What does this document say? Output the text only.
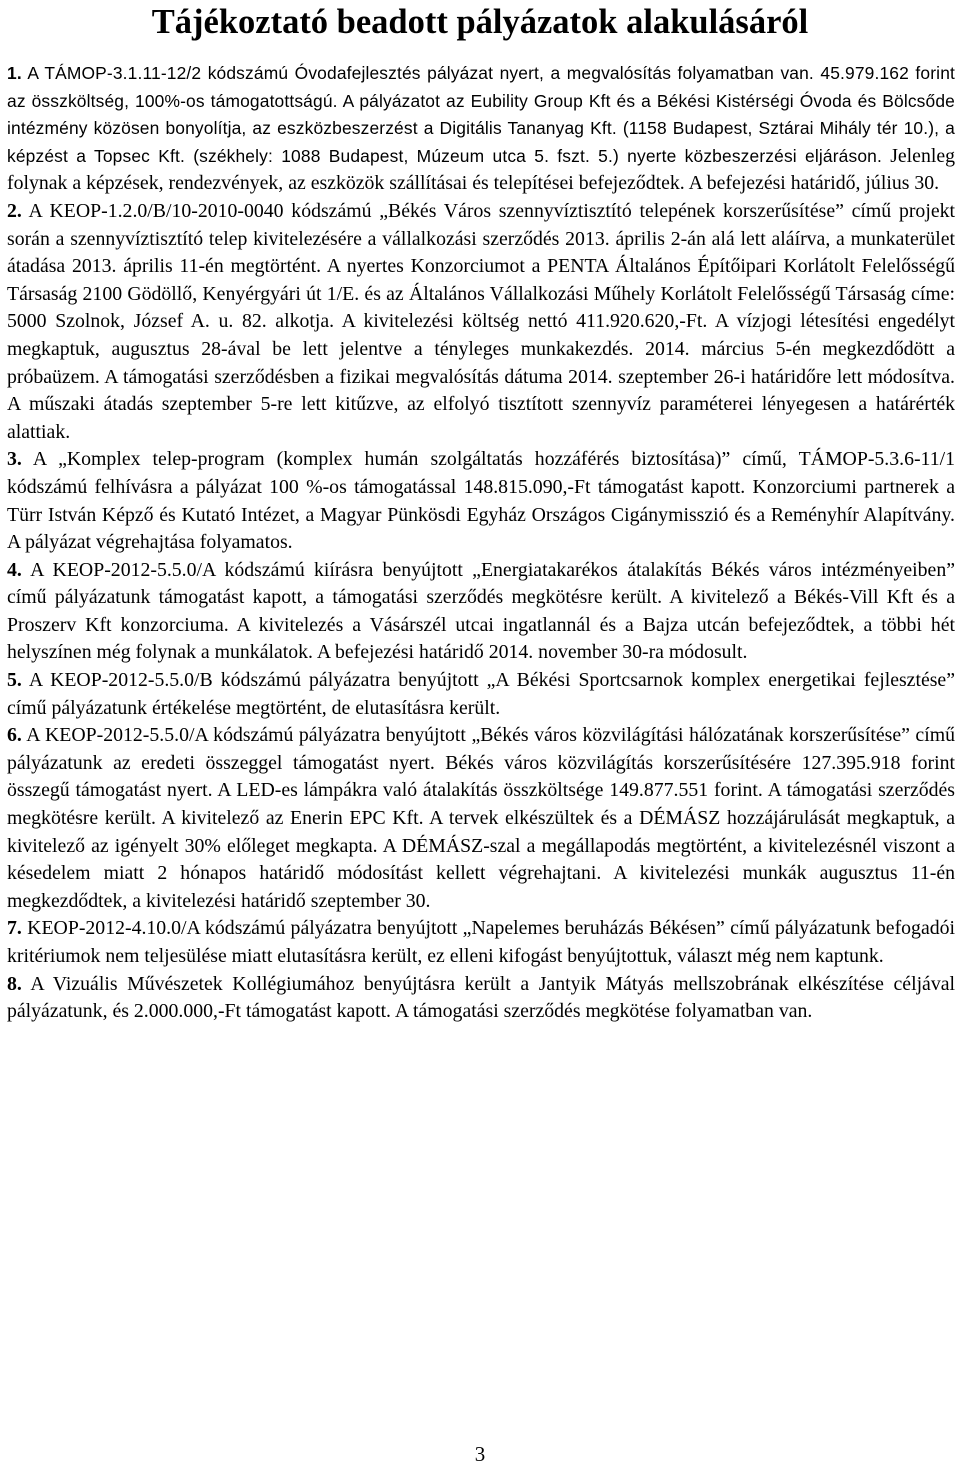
Tájékoztató beadott pályázatok alakulásáról

1. A TÁMOP-3.1.11-12/2 kódszámú Óvodafejlesztés pályázat nyert, a megvalósítás folyamatban van. 45.979.162 forint az összköltség, 100%-os támogatottságú. A pályázatot az Eubility Group Kft és a Békési Kistérségi Óvoda és Bölcsőde intézmény közösen bonyolítja, az eszközbeszerzést a Digitális Tananyag Kft. (1158 Budapest, Sztárai Mihály tér 10.), a képzést a Topsec Kft. (székhely: 1088 Budapest, Múzeum utca 5. fszt. 5.) nyerte közbeszerzési eljáráson. Jelenleg folynak a képzések, rendezvények, az eszközök szállításai és telepítései befejeződtek. A befejezési határidő, július 30.

2. A KEOP-1.2.0/B/10-2010-0040 kódszámú „Békés Város szennyvíztisztító telepének korszerűsítése” című projekt során a szennyvíztisztító telep kivitelezésére a vállalkozási szerződés 2013. április 2-án alá lett aláírva, a munkaterület átadása 2013. április 11-én megtörtént. A nyertes Konzorciumot a PENTA Általános Építőipari Korlátolt Felelősségű Társaság 2100 Gödöllő, Kenyérgyári út 1/E. és az Általános Vállalkozási Műhely Korlátolt Felelősségű Társaság címe: 5000 Szolnok, József A. u. 82. alkotja. A kivitelezési költség nettó 411.920.620,-Ft. A vízjogi létesítési engedélyt megkaptuk, augusztus 28-ával be lett jelentve a tényleges munkakezdés. 2014. március 5-én megkezdődött a próbaüzem. A támogatási szerződésben a fizikai megvalósítás dátuma 2014. szeptember 26-i határidőre lett módosítva. A műszaki átadás szeptember 5-re lett kitűzve, az elfolyó tisztított szennyvíz paraméterei lényegesen a határérték alattiak.

3. A „Komplex telep-program (komplex humán szolgáltatás hozzáférés biztosítása)” című, TÁMOP-5.3.6-11/1 kódszámú felhívásra a pályázat 100 %-os támogatással 148.815.090,-Ft támogatást kapott. Konzorciumi partnerek a Türr István Képző és Kutató Intézet, a Magyar Pünkösdi Egyház Országos Cigánymisszió és a Reményhír Alapítvány. A pályázat végrehajtása folyamatos.

4. A KEOP-2012-5.5.0/A kódszámú kiírásra benyújtott „Energiatakarékos átalakítás Békés város intézményeiben” című pályázatunk támogatást kapott, a támogatási szerződés megkötésre került. A kivitelező a Békés-Vill Kft és a Proszerv Kft konzorciuma. A kivitelezés a Vásárszél utcai ingatlannál és a Bajza utcán befejeződtek, a többi hét helyszínen még folynak a munkálatok. A befejezési határidő 2014. november 30-ra módosult.

5. A KEOP-2012-5.5.0/B kódszámú pályázatra benyújtott „A Békési Sportcsarnok komplex energetikai fejlesztése” című pályázatunk értékelése megtörtént, de elutasításra került.

6. A KEOP-2012-5.5.0/A kódszámú pályázatra benyújtott „Békés város közvilágítási hálózatának korszerűsítése” című pályázatunk az eredeti összeggel támogatást nyert. Békés város közvilágítás korszerűsítésére 127.395.918 forint összegű támogatást nyert. A LED-es lámpákra való átalakítás összköltsége 149.877.551 forint. A támogatási szerződés megkötésre került. A kivitelező az Enerin EPC Kft. A tervek elkészültek és a DÉMÁSZ hozzájárulását megkaptuk, a kivitelező az igényelt 30% előleget megkapta. A DÉMÁSZ-szal a megállapodás megtörtént, a kivitelezésnél viszont a késedelem miatt 2 hónapos határidő módosítást kellett végrehajtani. A kivitelezési munkák augusztus 11-én megkezdődtek, a kivitelezési határidő szeptember 30.

7. KEOP-2012-4.10.0/A kódszámú pályázatra benyújtott „Napelemes beruházás Békésen” című pályázatunk befogadói kritériumok nem teljesülése miatt elutasításra került, ez elleni kifogást benyújtottuk, választ még nem kaptunk.

8. A Vizuális Művészetek Kollégiumához benyújtásra került a Jantyik Mátyás mellszobrának elkészítése céljával pályázatunk, és 2.000.000,-Ft támogatást kapott. A támogatási szerződés megkötése folyamatban van.

3
